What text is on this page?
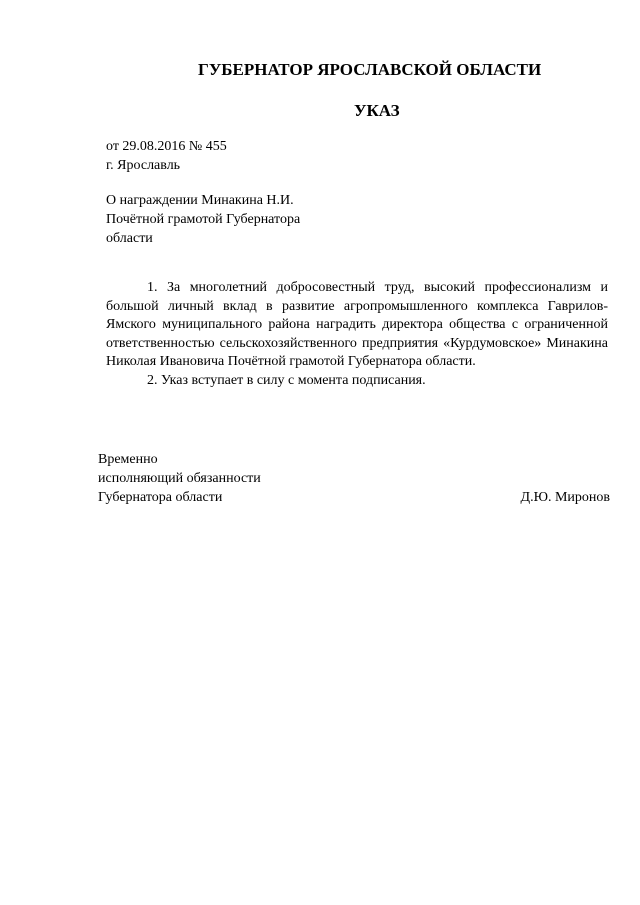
ГУБЕРНАТОР ЯРОСЛАВСКОЙ ОБЛАСТИ
УКАЗ
от 29.08.2016 № 455
г. Ярославль
О награждении Минакина Н.И.
Почётной грамотой Губернатора
области

1. За многолетний добросовестный труд, высокий профессионализм и большой личный вклад в развитие агропромышленного комплекса Гаврилов-Ямского муниципального района наградить директора общества с ограниченной ответственностью сельскохозяйственного предприятия «Курдумовское» Минакина Николая Ивановича Почётной грамотой Губернатора области.

2. Указ вступает в силу с момента подписания.

Временно
исполняющий обязанности
Губернатора области	Д.Ю. Миронов
